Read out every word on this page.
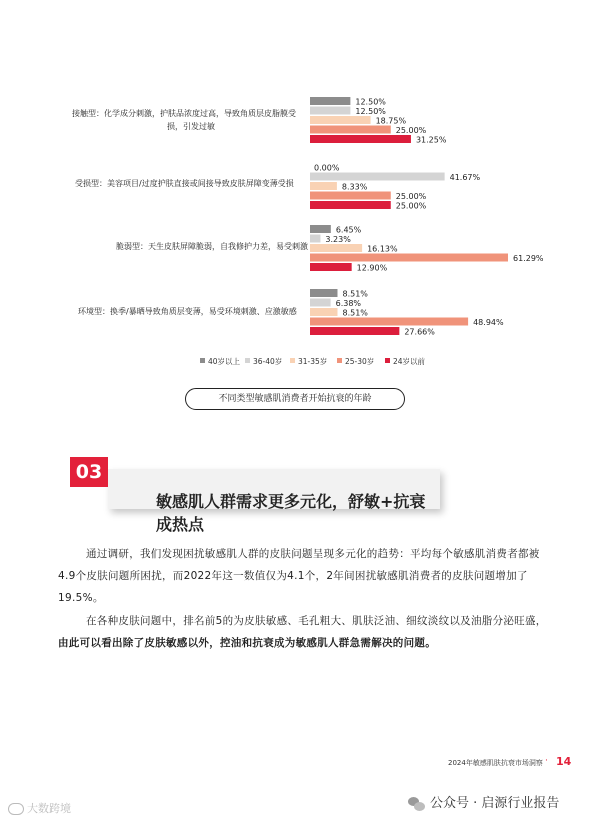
接触型：化学成分刺激，护肤品浓度过高，导致角质层皮脂膜受
损，引发过敏
受损型：美容项目/过度护肤直接或间接导致皮肤屏障变薄受损
脆弱型：天生皮肤屏障脆弱，自我修护力差，易受刺激
环境型：换季/暴晒导致角质层变薄，易受环境刺激、应激敏感
12.50%
12.50%
18.75%
25.00%
31.25%
0.00%
41.67%
8.33%
25.00%
25.00%
6.45%
3.23%
16.13%
61.29%
12.90%
8.51%
6.38%
8.51%
48.94%
27.66%
40岁以上 36-40岁 31-35岁 25-30岁 24岁以前
不同类型敏感肌消费者开始抗衰的年龄
敏感肌人群需求更多元化，舒敏+抗衰成热点
03
通过调研，我们发现困扰敏感肌人群的皮肤问题呈现多元化的趋势：平均每个敏感肌消费者都被
4.9个皮肤问题所困扰，而2022年这一数值仅为4.1个，2年间困扰敏感肌消费者的皮肤问题增加了
19.5%。
在各种皮肤问题中，排名前5的为皮肤敏感、毛孔粗大、肌肤泛油、细纹淡纹以及油脂分泌旺盛，
由此可以看出除了皮肤敏感以外，控油和抗衰成为敏感肌人群急需解决的问题。
2024年敏感肌肤抗衰市场洞察 · 14
大数跨境	公众号 · 启源行业报告
